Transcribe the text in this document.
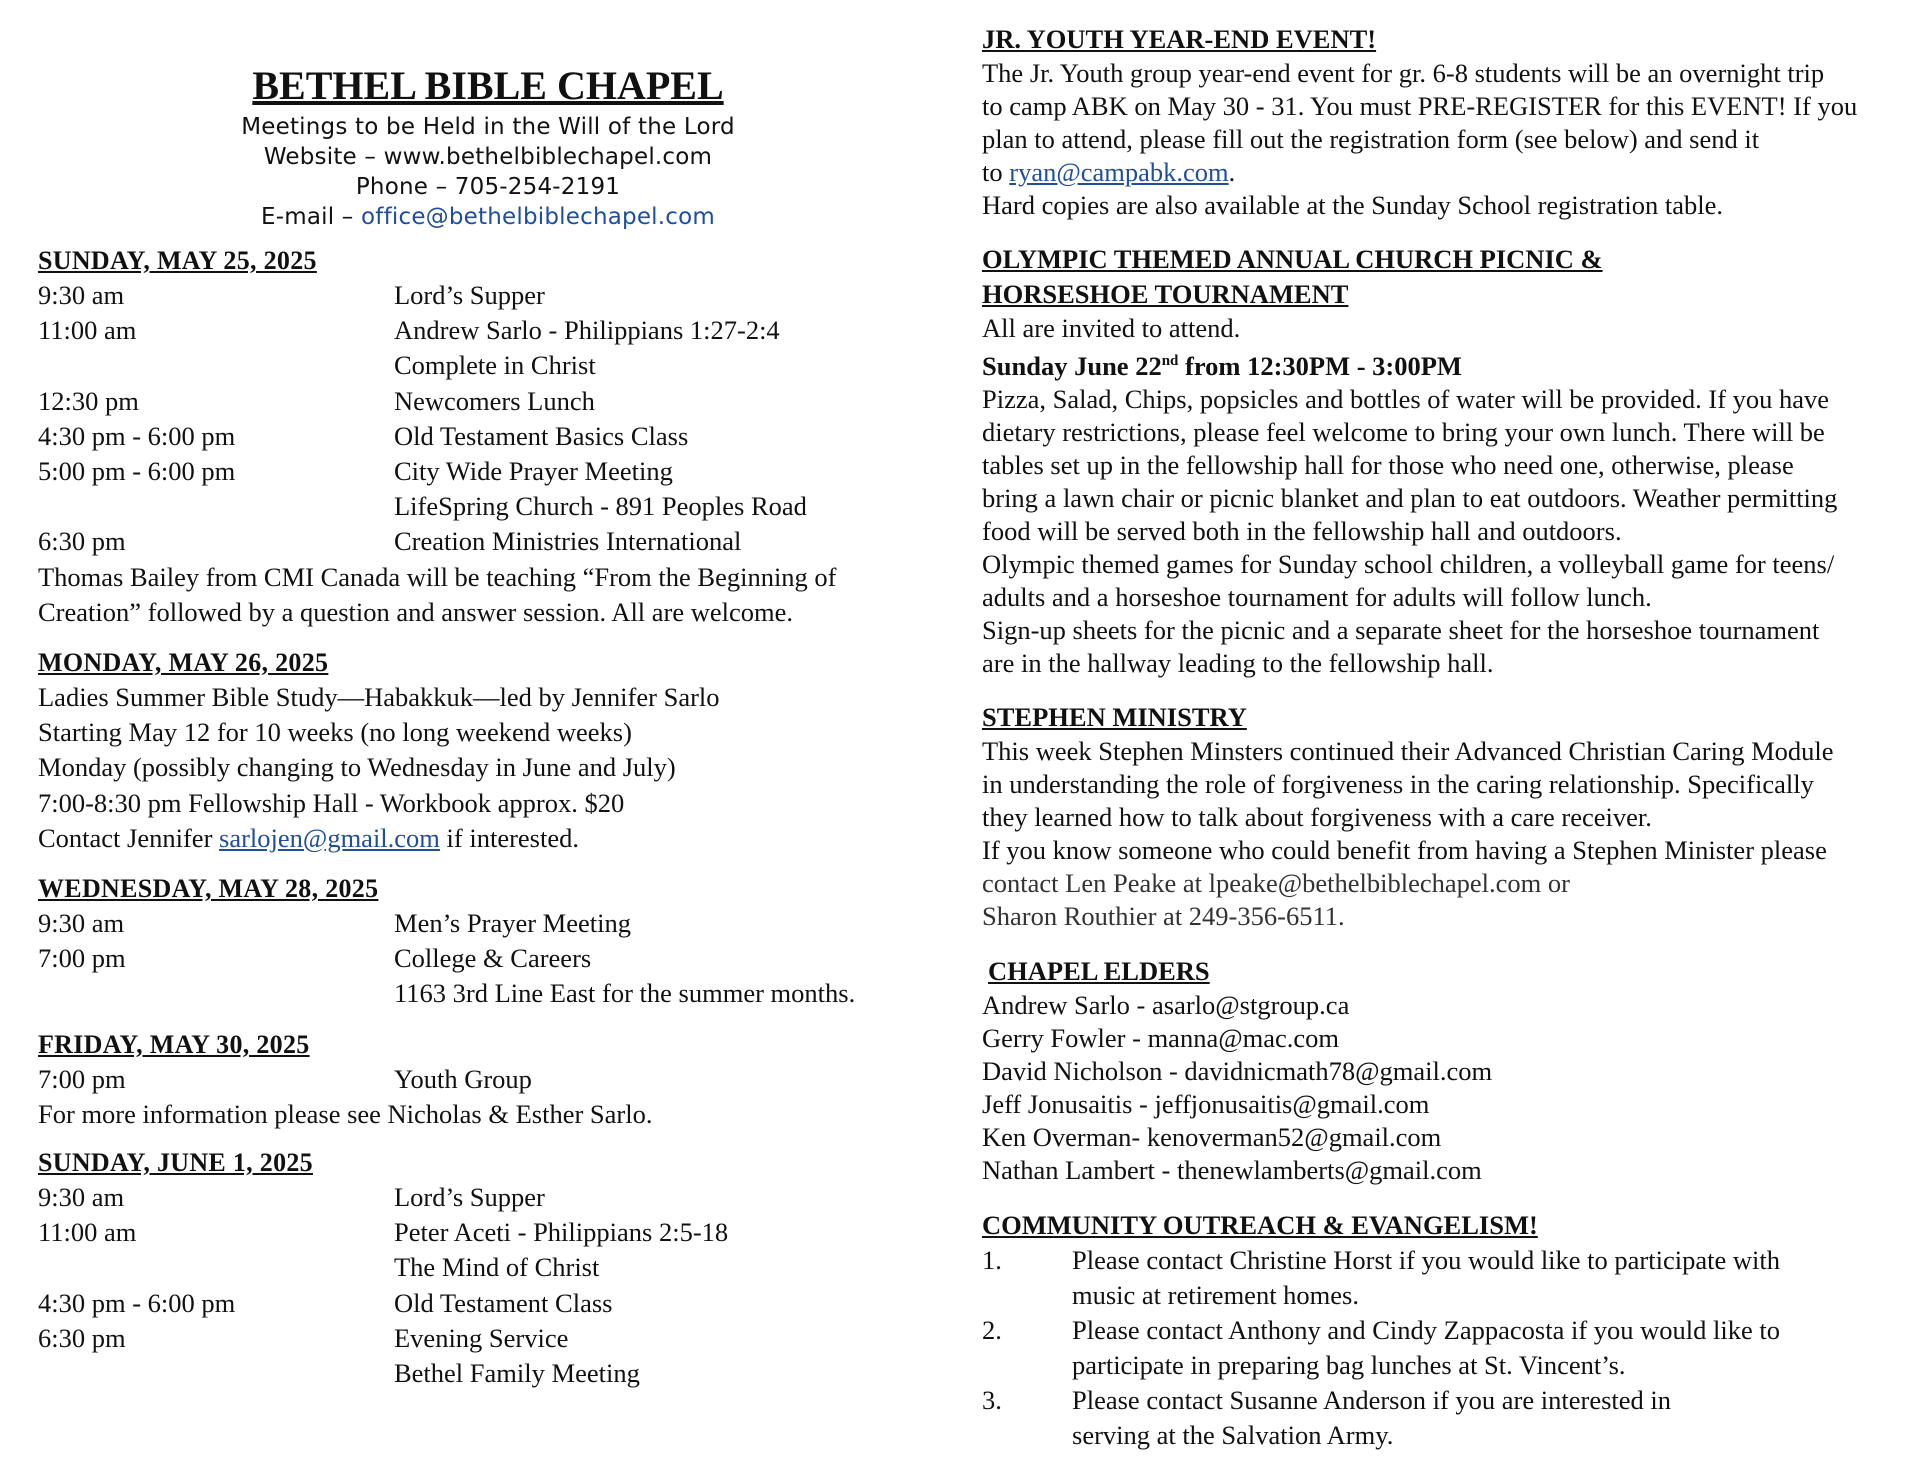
BETHEL BIBLE CHAPEL
Meetings to be Held in the Will of the Lord
Website – www.bethelbiblechapel.com
Phone – 705-254-2191
E-mail – office@bethelbiblechapel.com
SUNDAY, MAY 25, 2025
9:30 am	Lord’s Supper
11:00 am	Andrew Sarlo - Philippians 1:27-2:4
Complete in Christ
12:30 pm	Newcomers Lunch
4:30 pm - 6:00 pm	Old Testament Basics Class
5:00 pm - 6:00 pm	City Wide Prayer Meeting
LifeSpring Church - 891 Peoples Road
6:30 pm	Creation Ministries International
Thomas Bailey from CMI Canada will be teaching “From the Beginning of
Creation” followed by a question and answer session. All are welcome.
MONDAY, MAY 26, 2025
Ladies Summer Bible Study—Habakkuk—led by Jennifer Sarlo
Starting May 12 for 10 weeks (no long weekend weeks)
Monday (possibly changing to Wednesday in June and July)
7:00-8:30 pm Fellowship Hall - Workbook approx. $20
Contact Jennifer sarlojen@gmail.com if interested.
WEDNESDAY, MAY 28, 2025
9:30 am	Men’s Prayer Meeting
7:00 pm	College & Careers
1163 3rd Line East for the summer months.
FRIDAY, MAY 30, 2025
7:00 pm	Youth Group
For more information please see Nicholas & Esther Sarlo.
SUNDAY, JUNE 1, 2025
9:30 am	Lord’s Supper
11:00 am	Peter Aceti - Philippians 2:5-18
The Mind of Christ
4:30 pm - 6:00 pm	Old Testament Class
6:30 pm	Evening Service
Bethel Family Meeting
JR. YOUTH YEAR-END EVENT!
The Jr. Youth group year-end event for gr. 6-8 students will be an overnight trip
to camp ABK on May 30 - 31. You must PRE-REGISTER for this EVENT! If you
plan to attend, please fill out the registration form (see below) and send it
to ryan@campabk.com.
Hard copies are also available at the Sunday School registration table.
OLYMPIC THEMED ANNUAL CHURCH PICNIC &
HORSESHOE TOURNAMENT
All are invited to attend.
Sunday June 22nd from 12:30PM - 3:00PM
Pizza, Salad, Chips, popsicles and bottles of water will be provided. If you have
dietary restrictions, please feel welcome to bring your own lunch. There will be
tables set up in the fellowship hall for those who need one, otherwise, please
bring a lawn chair or picnic blanket and plan to eat outdoors. Weather permitting
food will be served both in the fellowship hall and outdoors.
Olympic themed games for Sunday school children, a volleyball game for teens/
adults and a horseshoe tournament for adults will follow lunch.
Sign-up sheets for the picnic and a separate sheet for the horseshoe tournament
are in the hallway leading to the fellowship hall.
STEPHEN MINISTRY
This week Stephen Minsters continued their Advanced Christian Caring Module
in understanding the role of forgiveness in the caring relationship. Specifically
they learned how to talk about forgiveness with a care receiver.
If you know someone who could benefit from having a Stephen Minister please
contact Len Peake at lpeake@bethelbiblechapel.com or
Sharon Routhier at 249-356-6511.
CHAPEL ELDERS
Andrew Sarlo - asarlo@stgroup.ca
Gerry Fowler - manna@mac.com
David Nicholson - davidnicmath78@gmail.com
Jeff Jonusaitis - jeffjonusaitis@gmail.com
Ken Overman- kenoverman52@gmail.com
Nathan Lambert - thenewlamberts@gmail.com
COMMUNITY OUTREACH & EVANGELISM!
1.	Please contact Christine Horst if you would like to participate with
music at retirement homes.
2.	Please contact Anthony and Cindy Zappacosta if you would like to
participate in preparing bag lunches at St. Vincent’s.
3.	Please contact Susanne Anderson if you are interested in
serving at the Salvation Army.
